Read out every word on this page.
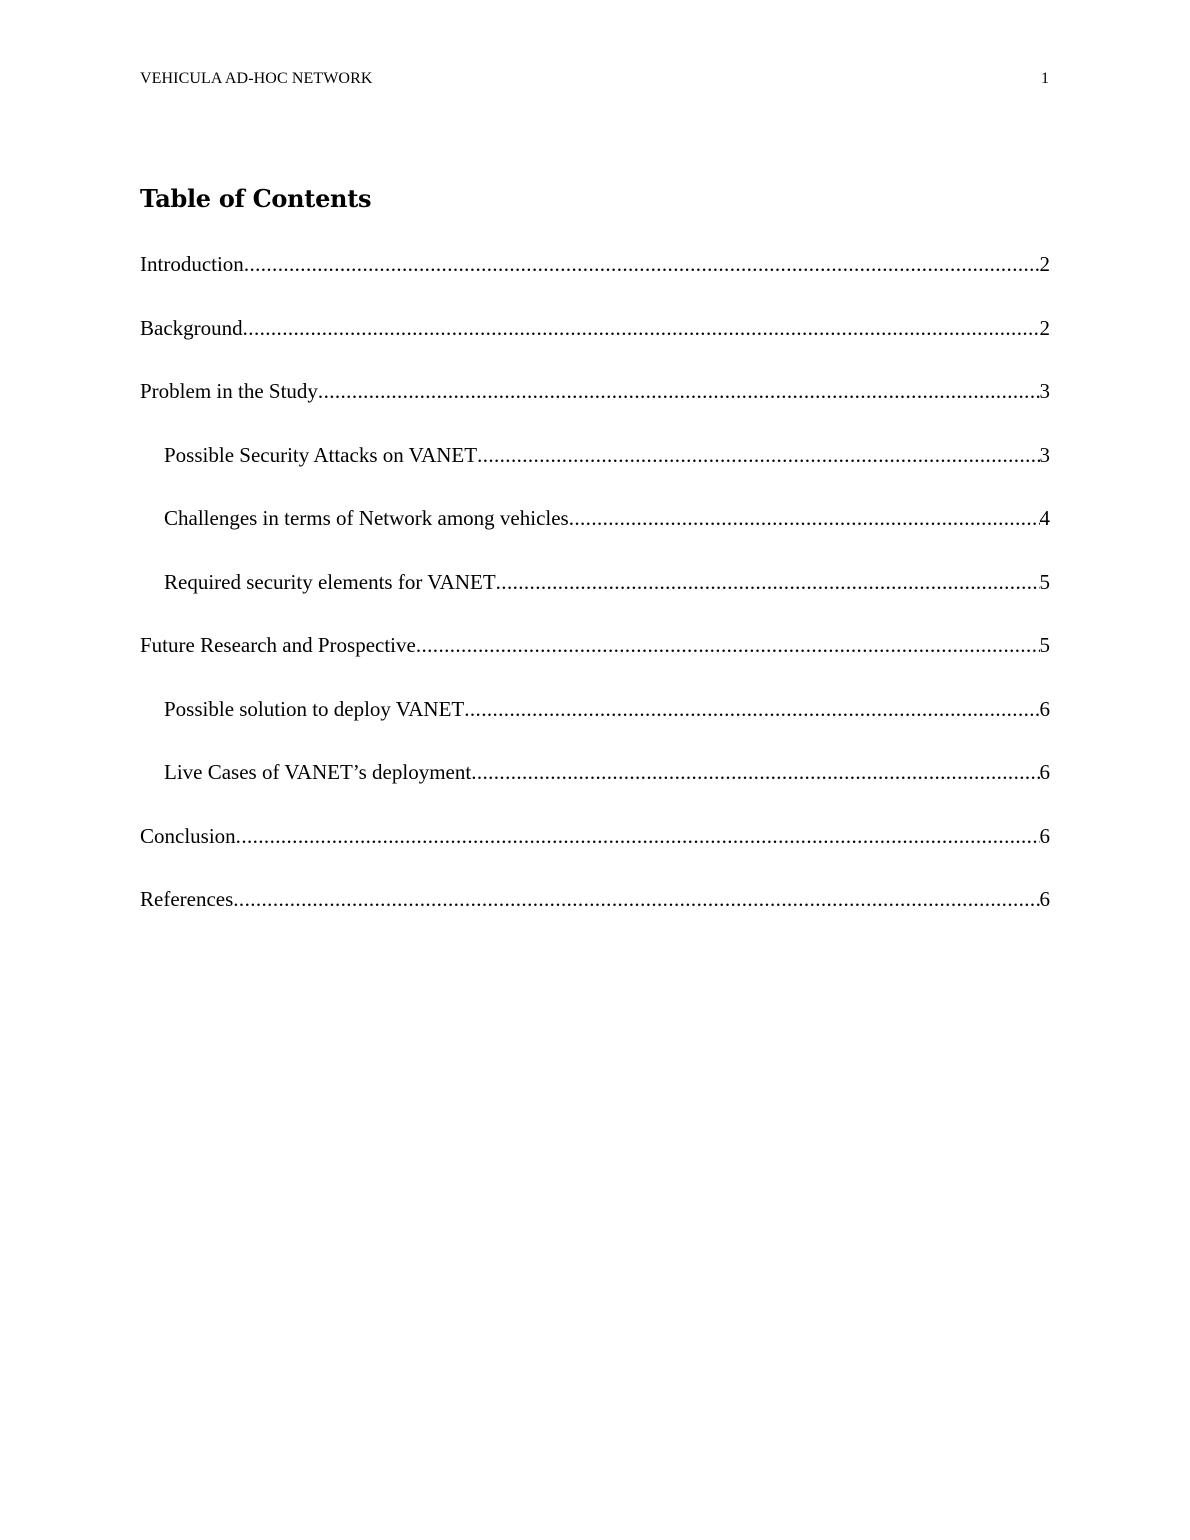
VEHICULA AD-HOC NETWORK	1
Table of Contents
Introduction .....	2
Background .....	2
Problem in the Study .....	3
Possible Security Attacks on VANET .....	3
Challenges in terms of Network among vehicles .....	4
Required security elements for VANET .....	5
Future Research and Prospective .....	5
Possible solution to deploy VANET .....	6
Live Cases of VANET’s deployment .....	6
Conclusion .....	6
References .....	6
